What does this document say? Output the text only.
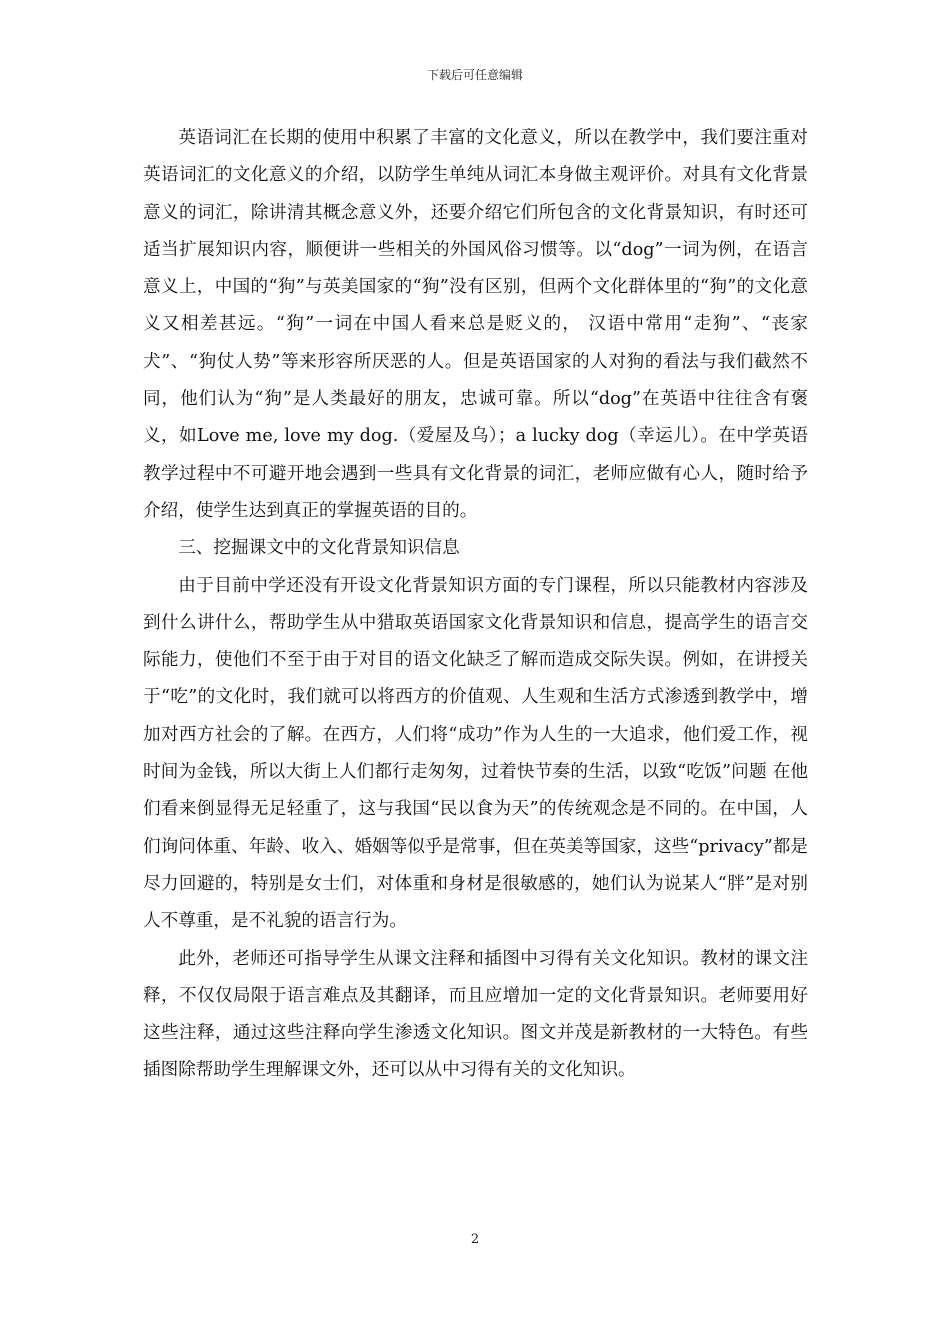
下载后可任意编辑

英语词汇在长期的使用中积累了丰富的文化意义，所以在教学中，我们要注重对英语词汇的文化意义的介绍，以防学生单纯从词汇本身做主观评价。对具有文化背景意义的词汇，除讲清其概念意义外，还要介绍它们所包含的文化背景知识，有时还可适当扩展知识内容，顺便讲一些相关的外国风俗习惯等。以“dog”一词为例，在语言意义上，中国的“狗”与英美国家的“狗”没有区别，但两个文化群体里的“狗”的文化意义又相差甚远。“狗”一词在中国人看来总是贬义的， 汉语中常用“走狗”、“丧家犬”、“狗仗人势”等来形容所厌恶的人。但是英语国家的人对狗的看法与我们截然不同，他们认为“狗”是人类最好的朋友，忠诚可靠。所以“dog”在英语中往往含有褒义，如Love me, love my dog.（爱屋及乌）；a lucky dog（幸运儿）。在中学英语教学过程中不可避开地会遇到一些具有文化背景的词汇，老师应做有心人，随时给予介绍，使学生达到真正的掌握英语的目的。

三、挖掘课文中的文化背景知识信息

由于目前中学还没有开设文化背景知识方面的专门课程，所以只能教材内容涉及到什么讲什么，帮助学生从中猎取英语国家文化背景知识和信息，提高学生的语言交际能力，使他们不至于由于对目的语文化缺乏了解而造成交际失误。例如，在讲授关于“吃”的文化时，我们就可以将西方的价值观、人生观和生活方式渗透到教学中，增加对西方社会的了解。在西方，人们将“成功”作为人生的一大追求，他们爱工作，视时间为金钱，所以大街上人们都行走匆匆，过着快节奏的生活，以致“吃饭”问题 在他们看来倒显得无足轻重了，这与我国“民以食为天”的传统观念是不同的。在中国，人们询问体重、年龄、收入、婚姻等似乎是常事，但在英美等国家，这些“privacy”都是尽力回避的，特别是女士们，对体重和身材是很敏感的，她们认为说某人“胖”是对别人不尊重，是不礼貌的语言行为。

此外，老师还可指导学生从课文注释和插图中习得有关文化知识。教材的课文注释，不仅仅局限于语言难点及其翻译，而且应增加一定的文化背景知识。老师要用好这些注释，通过这些注释向学生渗透文化知识。图文并茂是新教材的一大特色。有些插图除帮助学生理解课文外，还可以从中习得有关的文化知识。

2
